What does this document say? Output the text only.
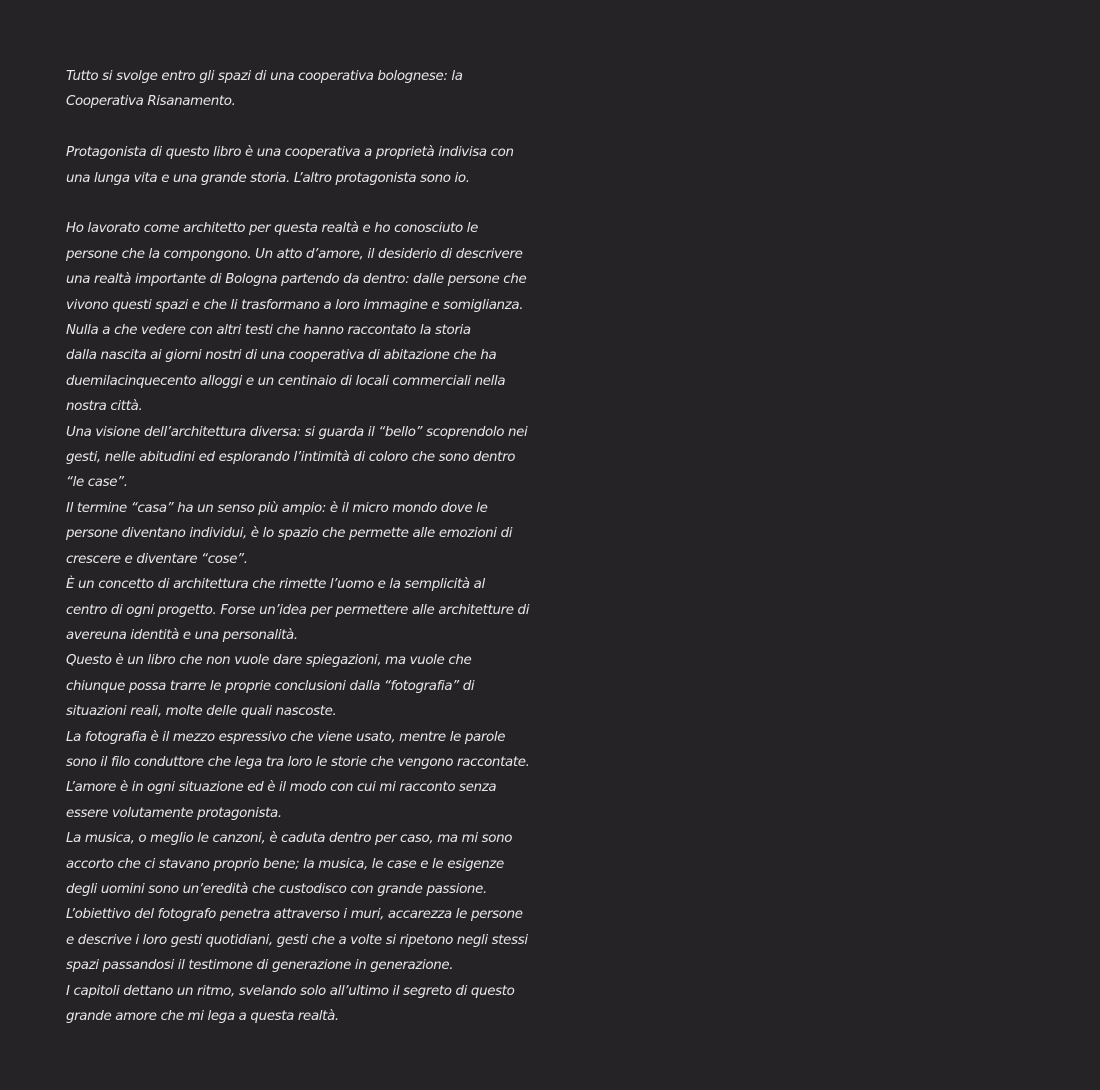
Tutto si svolge entro gli spazi di una cooperativa bolognese: la
Cooperativa Risanamento.

Protagonista di questo libro è una cooperativa a proprietà indivisa con
una lunga vita e una grande storia. L’altro protagonista sono io.

Ho lavorato come architetto per questa realtà e ho conosciuto le
persone che la compongono. Un atto d’amore, il desiderio di descrivere
una realtà importante di Bologna partendo da dentro: dalle persone che
vivono questi spazi e che li trasformano a loro immagine e somiglianza.
Nulla a che vedere con altri testi che hanno raccontato la storia
dalla nascita ai giorni nostri di una cooperativa di abitazione che ha
duemilacinquecento alloggi e un centinaio di locali commerciali nella
nostra città.
Una visione dell’architettura diversa: si guarda il “bello” scoprendolo nei
gesti, nelle abitudini ed esplorando l’intimità di coloro che sono dentro
“le case”.
Il termine “casa” ha un senso più ampio: è il micro mondo dove le
persone diventano individui, è lo spazio che permette alle emozioni di
crescere e diventare “cose”.
È un concetto di architettura che rimette l’uomo e la semplicità al
centro di ogni progetto. Forse un’idea per permettere alle architetture di
avereuna identità e una personalità.
Questo è un libro che non vuole dare spiegazioni, ma vuole che
chiunque possa trarre le proprie conclusioni dalla “fotografia” di
situazioni reali, molte delle quali nascoste.
La fotografia è il mezzo espressivo che viene usato, mentre le parole
sono il filo conduttore che lega tra loro le storie che vengono raccontate.
L’amore è in ogni situazione ed è il modo con cui mi racconto senza
essere volutamente protagonista.
La musica, o meglio le canzoni, è caduta dentro per caso, ma mi sono
accorto che ci stavano proprio bene; la musica, le case e le esigenze
degli uomini sono un’eredità che custodisco con grande passione.
L’obiettivo del fotografo penetra attraverso i muri, accarezza le persone
e descrive i loro gesti quotidiani, gesti che a volte si ripetono negli stessi
spazi passandosi il testimone di generazione in generazione.
I capitoli dettano un ritmo, svelando solo all’ultimo il segreto di questo
grande amore che mi lega a questa realtà.
